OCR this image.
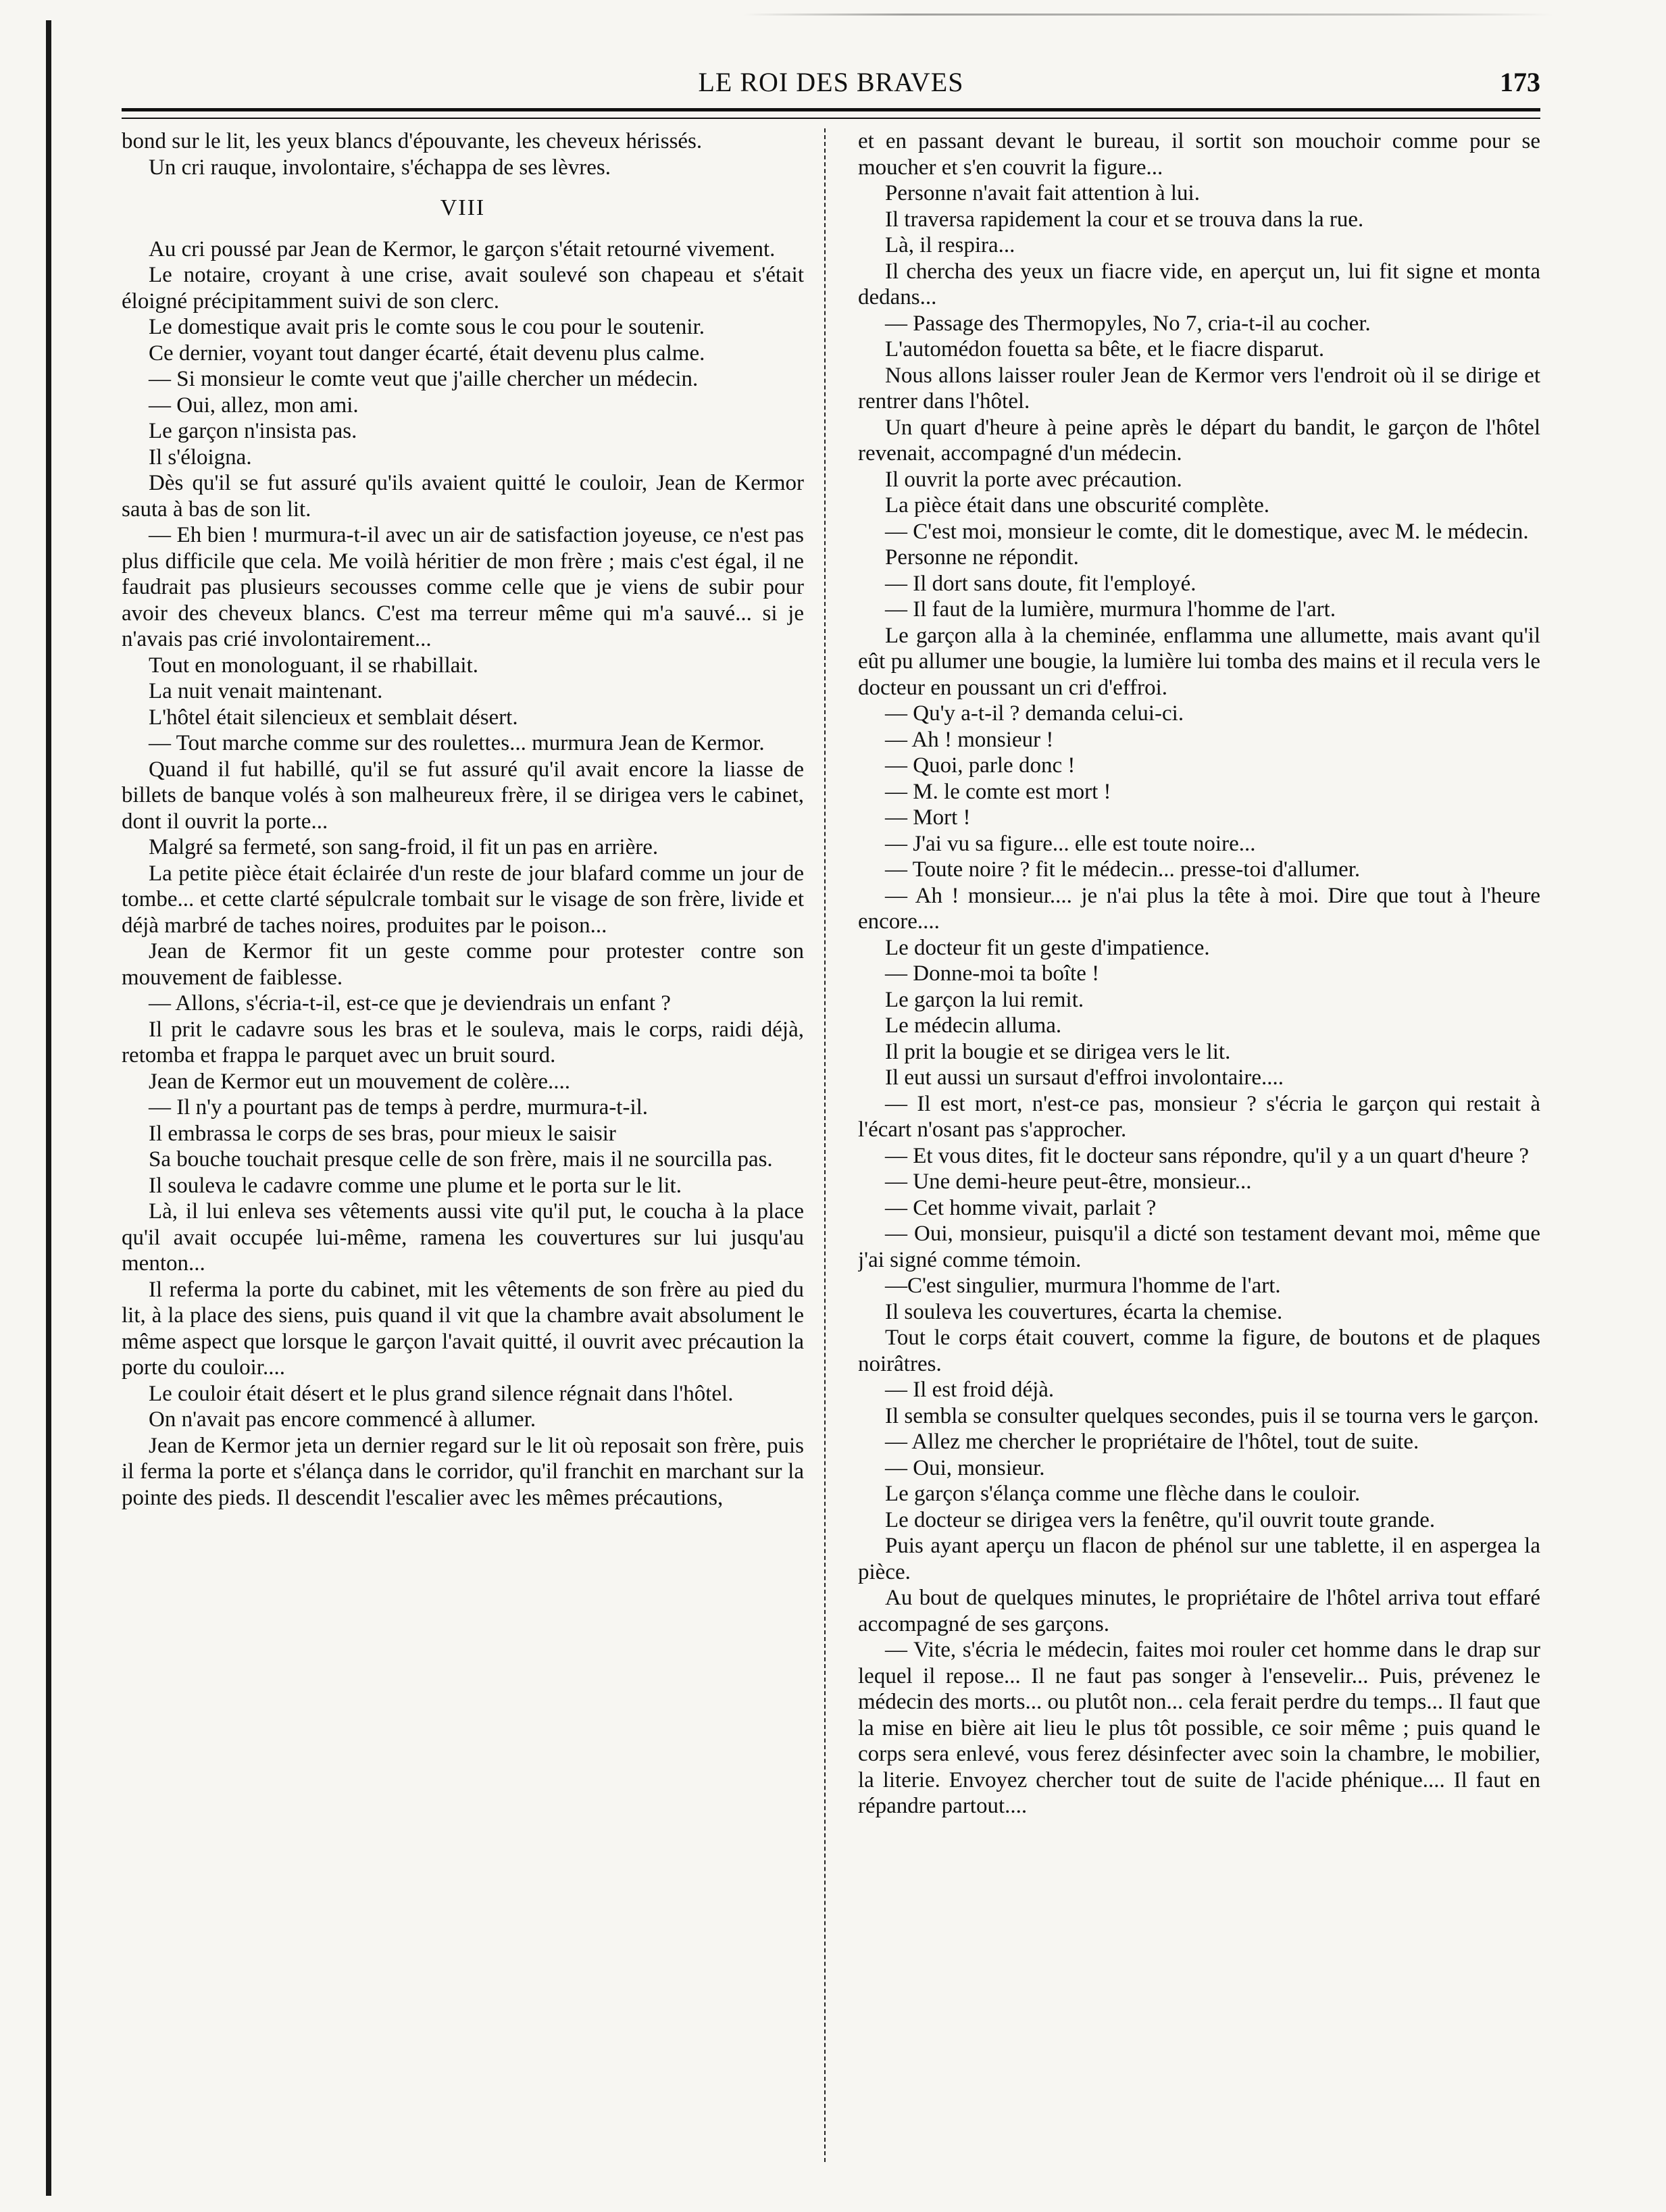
LE ROI DES BRAVES	173

bond sur le lit, les yeux blancs d'épouvante, les cheveux hérissés.

Un cri rauque, involontaire, s'échappa de ses lèvres.

VIII

Au cri poussé par Jean de Kermor, le garçon s'était retourné vivement.

Le notaire, croyant à une crise, avait soulevé son chapeau et s'était éloigné précipitamment suivi de son clerc.

Le domestique avait pris le comte sous le cou pour le soutenir.

Ce dernier, voyant tout danger écarté, était devenu plus calme.

— Si monsieur le comte veut que j'aille chercher un médecin.

— Oui, allez, mon ami.

Le garçon n'insista pas.

Il s'éloigna.

Dès qu'il se fut assuré qu'ils avaient quitté le couloir, Jean de Kermor sauta à bas de son lit.

— Eh bien ! murmura-t-il avec un air de satisfaction joyeuse, ce n'est pas plus difficile que cela. Me voilà héritier de mon frère ; mais c'est égal, il ne faudrait pas plusieurs secousses comme celle que je viens de subir pour avoir des cheveux blancs. C'est ma terreur même qui m'a sauvé... si je n'avais pas crié involontairement...

Tout en monologuant, il se rhabillait.

La nuit venait maintenant.

L'hôtel était silencieux et semblait désert.

— Tout marche comme sur des roulettes... murmura Jean de Kermor.

Quand il fut habillé, qu'il se fut assuré qu'il avait encore la liasse de billets de banque volés à son malheureux frère, il se dirigea vers le cabinet, dont il ouvrit la porte...

Malgré sa fermeté, son sang-froid, il fit un pas en arrière.

La petite pièce était éclairée d'un reste de jour blafard comme un jour de tombe... et cette clarté sépulcrale tombait sur le visage de son frère, livide et déjà marbré de taches noires, produites par le poison...

Jean de Kermor fit un geste comme pour protester contre son mouvement de faiblesse.

— Allons, s'écria-t-il, est-ce que je deviendrais un enfant ?

Il prit le cadavre sous les bras et le souleva, mais le corps, raidi déjà, retomba et frappa le parquet avec un bruit sourd.

Jean de Kermor eut un mouvement de colère....

— Il n'y a pourtant pas de temps à perdre, murmura-t-il.

Il embrassa le corps de ses bras, pour mieux le saisir

Sa bouche touchait presque celle de son frère, mais il ne sourcilla pas.

Il souleva le cadavre comme une plume et le porta sur le lit.

Là, il lui enleva ses vêtements aussi vite qu'il put, le coucha à la place qu'il avait occupée lui-même, ramena les couvertures sur lui jusqu'au menton...

Il referma la porte du cabinet, mit les vêtements de son frère au pied du lit, à la place des siens, puis quand il vit que la chambre avait absolument le même aspect que lorsque le garçon l'avait quitté, il ouvrit avec précaution la porte du couloir....

Le couloir était désert et le plus grand silence régnait dans l'hôtel.

On n'avait pas encore commencé à allumer.

Jean de Kermor jeta un dernier regard sur le lit où reposait son frère, puis il ferma la porte et s'élança dans le corridor, qu'il franchit en marchant sur la pointe des pieds. Il descendit l'escalier avec les mêmes précautions,

et en passant devant le bureau, il sortit son mouchoir comme pour se moucher et s'en couvrit la figure...

Personne n'avait fait attention à lui.

Il traversa rapidement la cour et se trouva dans la rue.

Là, il respira...

Il chercha des yeux un fiacre vide, en aperçut un, lui fit signe et monta dedans...

— Passage des Thermopyles, No 7, cria-t-il au cocher.

L'automédon fouetta sa bête, et le fiacre disparut.

Nous allons laisser rouler Jean de Kermor vers l'endroit où il se dirige et rentrer dans l'hôtel.

Un quart d'heure à peine après le départ du bandit, le garçon de l'hôtel revenait, accompagné d'un médecin.

Il ouvrit la porte avec précaution.

La pièce était dans une obscurité complète.

— C'est moi, monsieur le comte, dit le domestique, avec M. le médecin.

Personne ne répondit.

— Il dort sans doute, fit l'employé.

— Il faut de la lumière, murmura l'homme de l'art.

Le garçon alla à la cheminée, enflamma une allumette, mais avant qu'il eût pu allumer une bougie, la lumière lui tomba des mains et il recula vers le docteur en poussant un cri d'effroi.

— Qu'y a-t-il ? demanda celui-ci.

— Ah ! monsieur !

— Quoi, parle donc !

— M. le comte est mort !

— Mort !

— J'ai vu sa figure... elle est toute noire...

— Toute noire ? fit le médecin... presse-toi d'allumer.

— Ah ! monsieur.... je n'ai plus la tête à moi. Dire que tout à l'heure encore....

Le docteur fit un geste d'impatience.

— Donne-moi ta boîte !

Le garçon la lui remit.

Le médecin alluma.

Il prit la bougie et se dirigea vers le lit.

Il eut aussi un sursaut d'effroi involontaire....

— Il est mort, n'est-ce pas, monsieur ? s'écria le garçon qui restait à l'écart n'osant pas s'approcher.

— Et vous dites, fit le docteur sans répondre, qu'il y a un quart d'heure ?

— Une demi-heure peut-être, monsieur...

— Cet homme vivait, parlait ?

— Oui, monsieur, puisqu'il a dicté son testament devant moi, même que j'ai signé comme témoin.

—C'est singulier, murmura l'homme de l'art.

Il souleva les couvertures, écarta la chemise.

Tout le corps était couvert, comme la figure, de boutons et de plaques noirâtres.

— Il est froid déjà.

Il sembla se consulter quelques secondes, puis il se tourna vers le garçon.

— Allez me chercher le propriétaire de l'hôtel, tout de suite.

— Oui, monsieur.

Le garçon s'élança comme une flèche dans le couloir.

Le docteur se dirigea vers la fenêtre, qu'il ouvrit toute grande.

Puis ayant aperçu un flacon de phénol sur une tablette, il en aspergea la pièce.

Au bout de quelques minutes, le propriétaire de l'hôtel arriva tout effaré accompagné de ses garçons.

— Vite, s'écria le médecin, faites moi rouler cet homme dans le drap sur lequel il repose... Il ne faut pas songer à l'ensevelir... Puis, prévenez le médecin des morts... ou plutôt non... cela ferait perdre du temps... Il faut que la mise en bière ait lieu le plus tôt possible, ce soir même ; puis quand le corps sera enlevé, vous ferez désinfecter avec soin la chambre, le mobilier, la literie. Envoyez chercher tout de suite de l'acide phénique.... Il faut en répandre partout....
